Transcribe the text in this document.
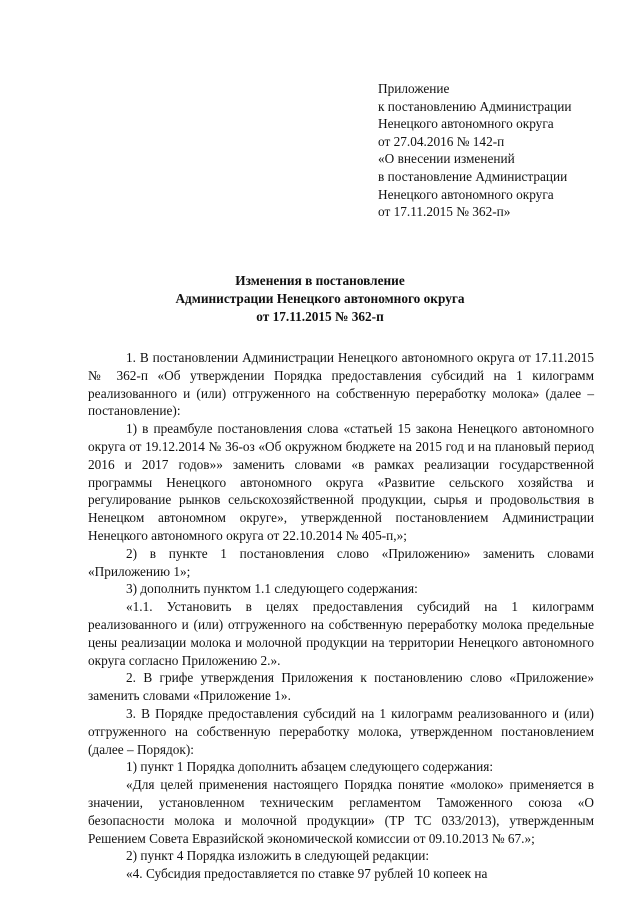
Приложение
к постановлению Администрации
Ненецкого автономного округа
от 27.04.2016 № 142-п
«О внесении изменений
в постановление Администрации
Ненецкого автономного округа
от 17.11.2015 № 362-п»
Изменения в постановление
Администрации Ненецкого автономного округа
от 17.11.2015 № 362-п

1. В постановлении Администрации Ненецкого автономного округа от 17.11.2015 № 362-п «Об утверждении Порядка предоставления субсидий на 1 килограмм реализованного и (или) отгруженного на собственную переработку молока» (далее – постановление):

1) в преамбуле постановления слова «статьей 15 закона Ненецкого автономного округа от 19.12.2014 № 36-оз «Об окружном бюджете на 2015 год и на плановый период 2016 и 2017 годов»» заменить словами «в рамках реализации государственной программы Ненецкого автономного округа «Развитие сельского хозяйства и регулирование рынков сельскохозяйственной продукции, сырья и продовольствия в Ненецком автономном округе», утвержденной постановлением Администрации Ненецкого автономного округа от 22.10.2014 № 405-п,»;

2) в пункте 1 постановления слово «Приложению» заменить словами «Приложению 1»;

3) дополнить пунктом 1.1 следующего содержания:

«1.1. Установить в целях предоставления субсидий на 1 килограмм реализованного и (или) отгруженного на собственную переработку молока предельные цены реализации молока и молочной продукции на территории Ненецкого автономного округа согласно Приложению 2.».

2. В грифе утверждения Приложения к постановлению слово «Приложение» заменить словами «Приложение 1».

3. В Порядке предоставления субсидий на 1 килограмм реализованного и (или) отгруженного на собственную переработку молока, утвержденном постановлением (далее – Порядок):

1) пункт 1 Порядка дополнить абзацем следующего содержания:

«Для целей применения настоящего Порядка понятие «молоко» применяется в значении, установленном техническим регламентом Таможенного союза «О безопасности молока и молочной продукции» (ТР ТС 033/2013), утвержденным Решением Совета Евразийской экономической комиссии от 09.10.2013 № 67.»;

2) пункт 4 Порядка изложить в следующей редакции:

«4. Субсидия предоставляется по ставке 97 рублей 10 копеек на
